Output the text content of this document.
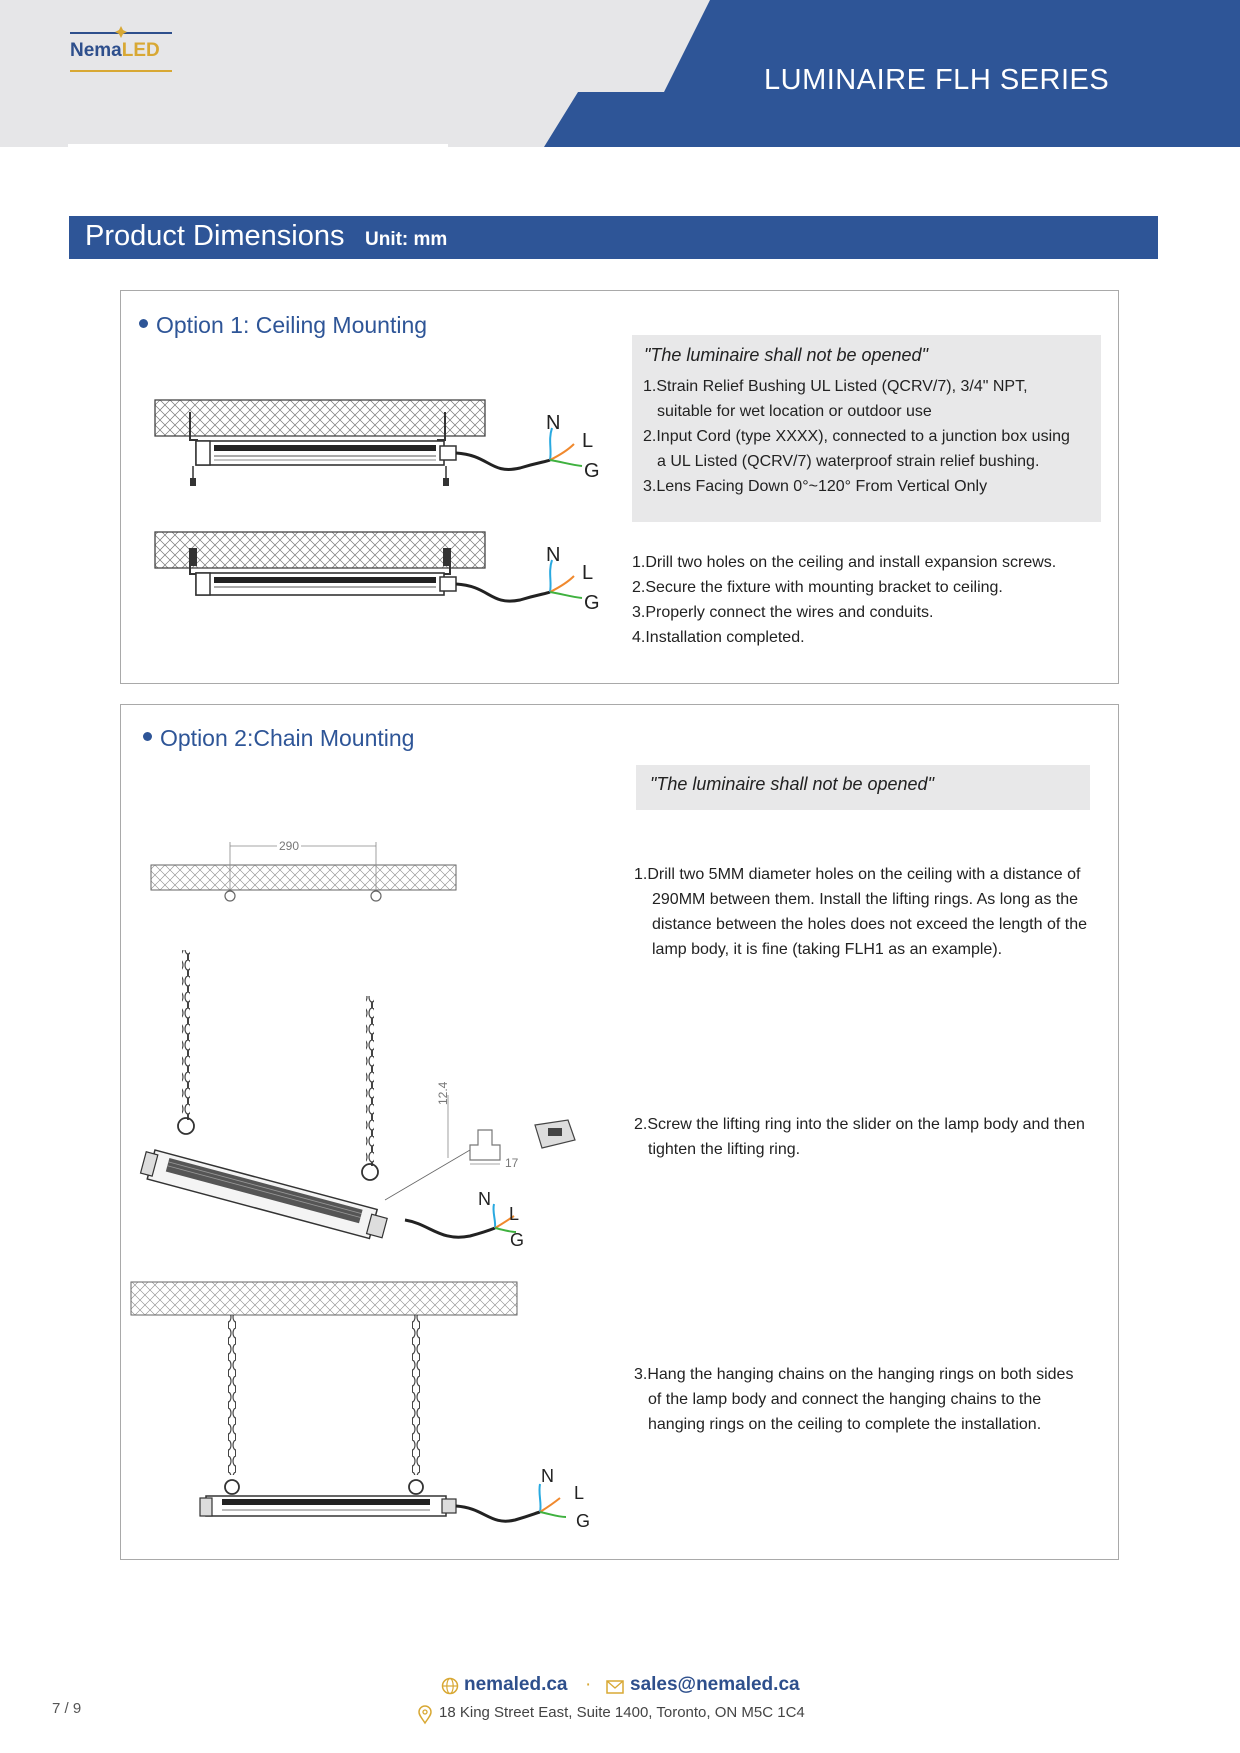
NemaLED
LUMINAIRE FLH SERIES
Product Dimensions Unit: mm
Option 1: Ceiling Mounting
"The luminaire shall not be opened"
1.Strain Relief Bushing UL Listed (QCRV/7), 3/4" NPT,
suitable for wet location or outdoor use
2.Input Cord (type XXXX), connected to a junction box using
a UL Listed (QCRV/7) waterproof strain relief bushing.
3.Lens Facing Down 0°~120° From Vertical Only
1.Drill two holes on the ceiling and install expansion screws.
2.Secure the fixture with mounting bracket to ceiling.
3.Properly connect the wires and conduits.
4.Installation completed.
N
L
G
N
L
G
Option 2:Chain Mounting
"The luminaire shall not be opened"
1.Drill two 5MM diameter holes on the ceiling with a distance of
290MM between them. Install the lifting rings. As long as the
distance between the holes does not exceed the length of the
lamp body, it is fine (taking FLH1 as an example).
2.Screw the lifting ring into the slider on the lamp body and then
tighten the lifting ring.
3.Hang the hanging chains on the hanging rings on both sides
of the lamp body and connect the hanging chains to the
hanging rings on the ceiling to complete the installation.
290
12.4
17
N
L
G
N
L
G
nemaled.ca · sales@nemaled.ca
18 King Street East, Suite 1400, Toronto, ON M5C 1C4
7 / 9
